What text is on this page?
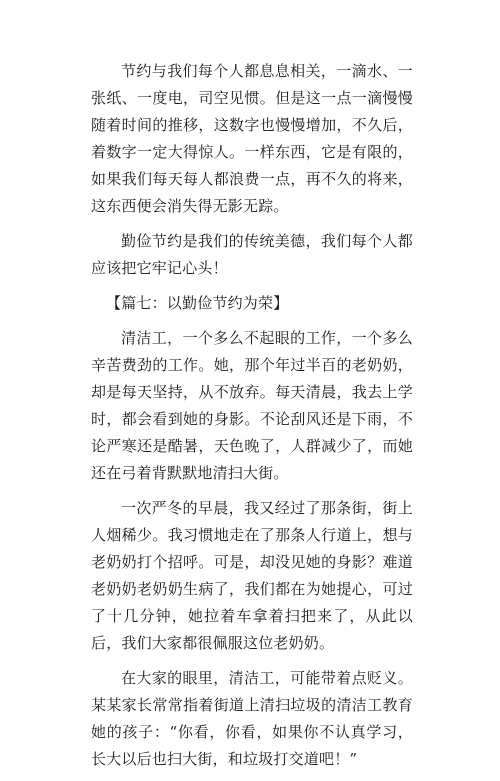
节约与我们每个人都息息相关，一滴水、一张纸、一度电，司空见惯。但是这一点一滴慢慢随着时间的推移，这数字也慢慢增加，不久后，着数字一定大得惊人。一样东西，它是有限的，如果我们每天每人都浪费一点，再不久的将来，这东西便会消失得无影无踪。

勤俭节约是我们的传统美德，我们每个人都应该把它牢记心头！

【篇七：以勤俭节约为荣】

清洁工，一个多么不起眼的工作，一个多么辛苦费劲的工作。她，那个年过半百的老奶奶，却是每天坚持，从不放弃。每天清晨，我去上学时，都会看到她的身影。不论刮风还是下雨，不论严寒还是酷暑，天色晚了，人群减少了，而她还在弓着背默默地清扫大街。

一次严冬的早晨，我又经过了那条街，街上人烟稀少。我习惯地走在了那条人行道上，想与老奶奶打个招呼。可是，却没见她的身影？难道老奶奶老奶奶生病了，我们都在为她提心，可过了十几分钟，她拉着车拿着扫把来了，从此以后，我们大家都很佩服这位老奶奶。

在大家的眼里，清洁工，可能带着点贬义。某某家长常常指着街道上清扫垃圾的清洁工教育她的孩子：“你看，你看，如果你不认真学习，长大以后也扫大街，和垃圾打交道吧！”
